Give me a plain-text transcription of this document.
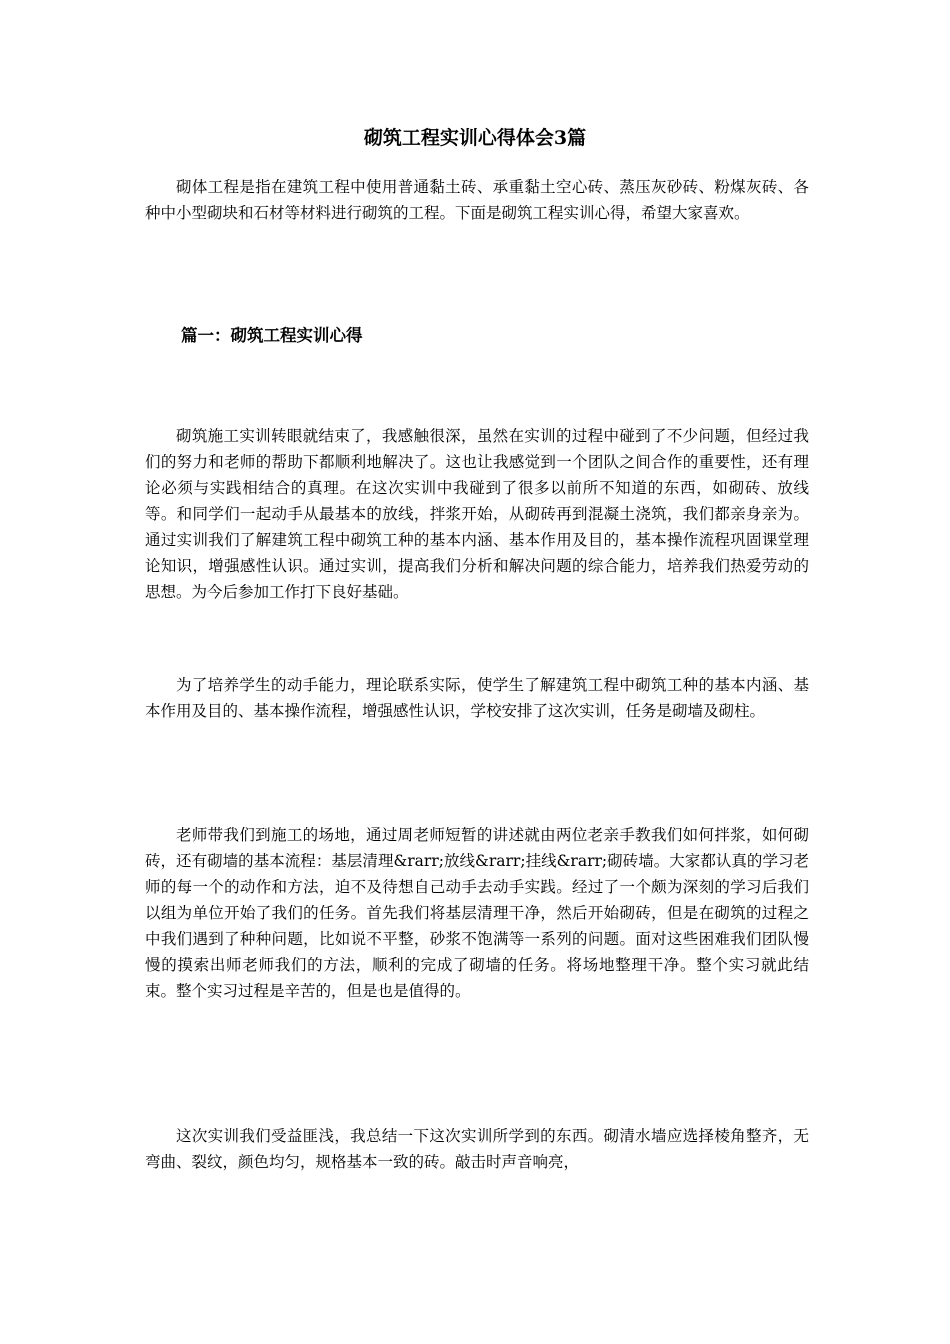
砌筑工程实训心得体会3篇

砌体工程是指在建筑工程中使用普通黏土砖、承重黏土空心砖、蒸压灰砂砖、粉煤灰砖、各种中小型砌块和石材等材料进行砌筑的工程。下面是砌筑工程实训心得，希望大家喜欢。

篇一：砌筑工程实训心得

砌筑施工实训转眼就结束了，我感触很深，虽然在实训的过程中碰到了不少问题，但经过我们的努力和老师的帮助下都顺利地解决了。这也让我感觉到一个团队之间合作的重要性，还有理论必须与实践相结合的真理。在这次实训中我碰到了很多以前所不知道的东西，如砌砖、放线等。和同学们一起动手从最基本的放线，拌浆开始，从砌砖再到混凝土浇筑，我们都亲身亲为。通过实训我们了解建筑工程中砌筑工种的基本内涵、基本作用及目的，基本操作流程巩固课堂理论知识，增强感性认识。通过实训，提高我们分析和解决问题的综合能力，培养我们热爱劳动的思想。为今后参加工作打下良好基础。

为了培养学生的动手能力，理论联系实际，使学生了解建筑工程中砌筑工种的基本内涵、基本作用及目的、基本操作流程，增强感性认识，学校安排了这次实训，任务是砌墙及砌柱。

老师带我们到施工的场地，通过周老师短暂的讲述就由两位老亲手教我们如何拌浆，如何砌砖，还有砌墙的基本流程：基层清理&rarr;放线&rarr;挂线&rarr;砌砖墙。大家都认真的学习老师的每一个的动作和方法，迫不及待想自己动手去动手实践。经过了一个颇为深刻的学习后我们以组为单位开始了我们的任务。首先我们将基层清理干净，然后开始砌砖，但是在砌筑的过程之中我们遇到了种种问题，比如说不平整，砂浆不饱满等一系列的问题。面对这些困难我们团队慢慢的摸索出师老师我们的方法，顺利的完成了砌墙的任务。将场地整理干净。整个实习就此结束。整个实习过程是辛苦的，但是也是值得的。

这次实训我们受益匪浅，我总结一下这次实训所学到的东西。砌清水墙应选择棱角整齐，无弯曲、裂纹，颜色均匀，规格基本一致的砖。敲击时声音响亮，
